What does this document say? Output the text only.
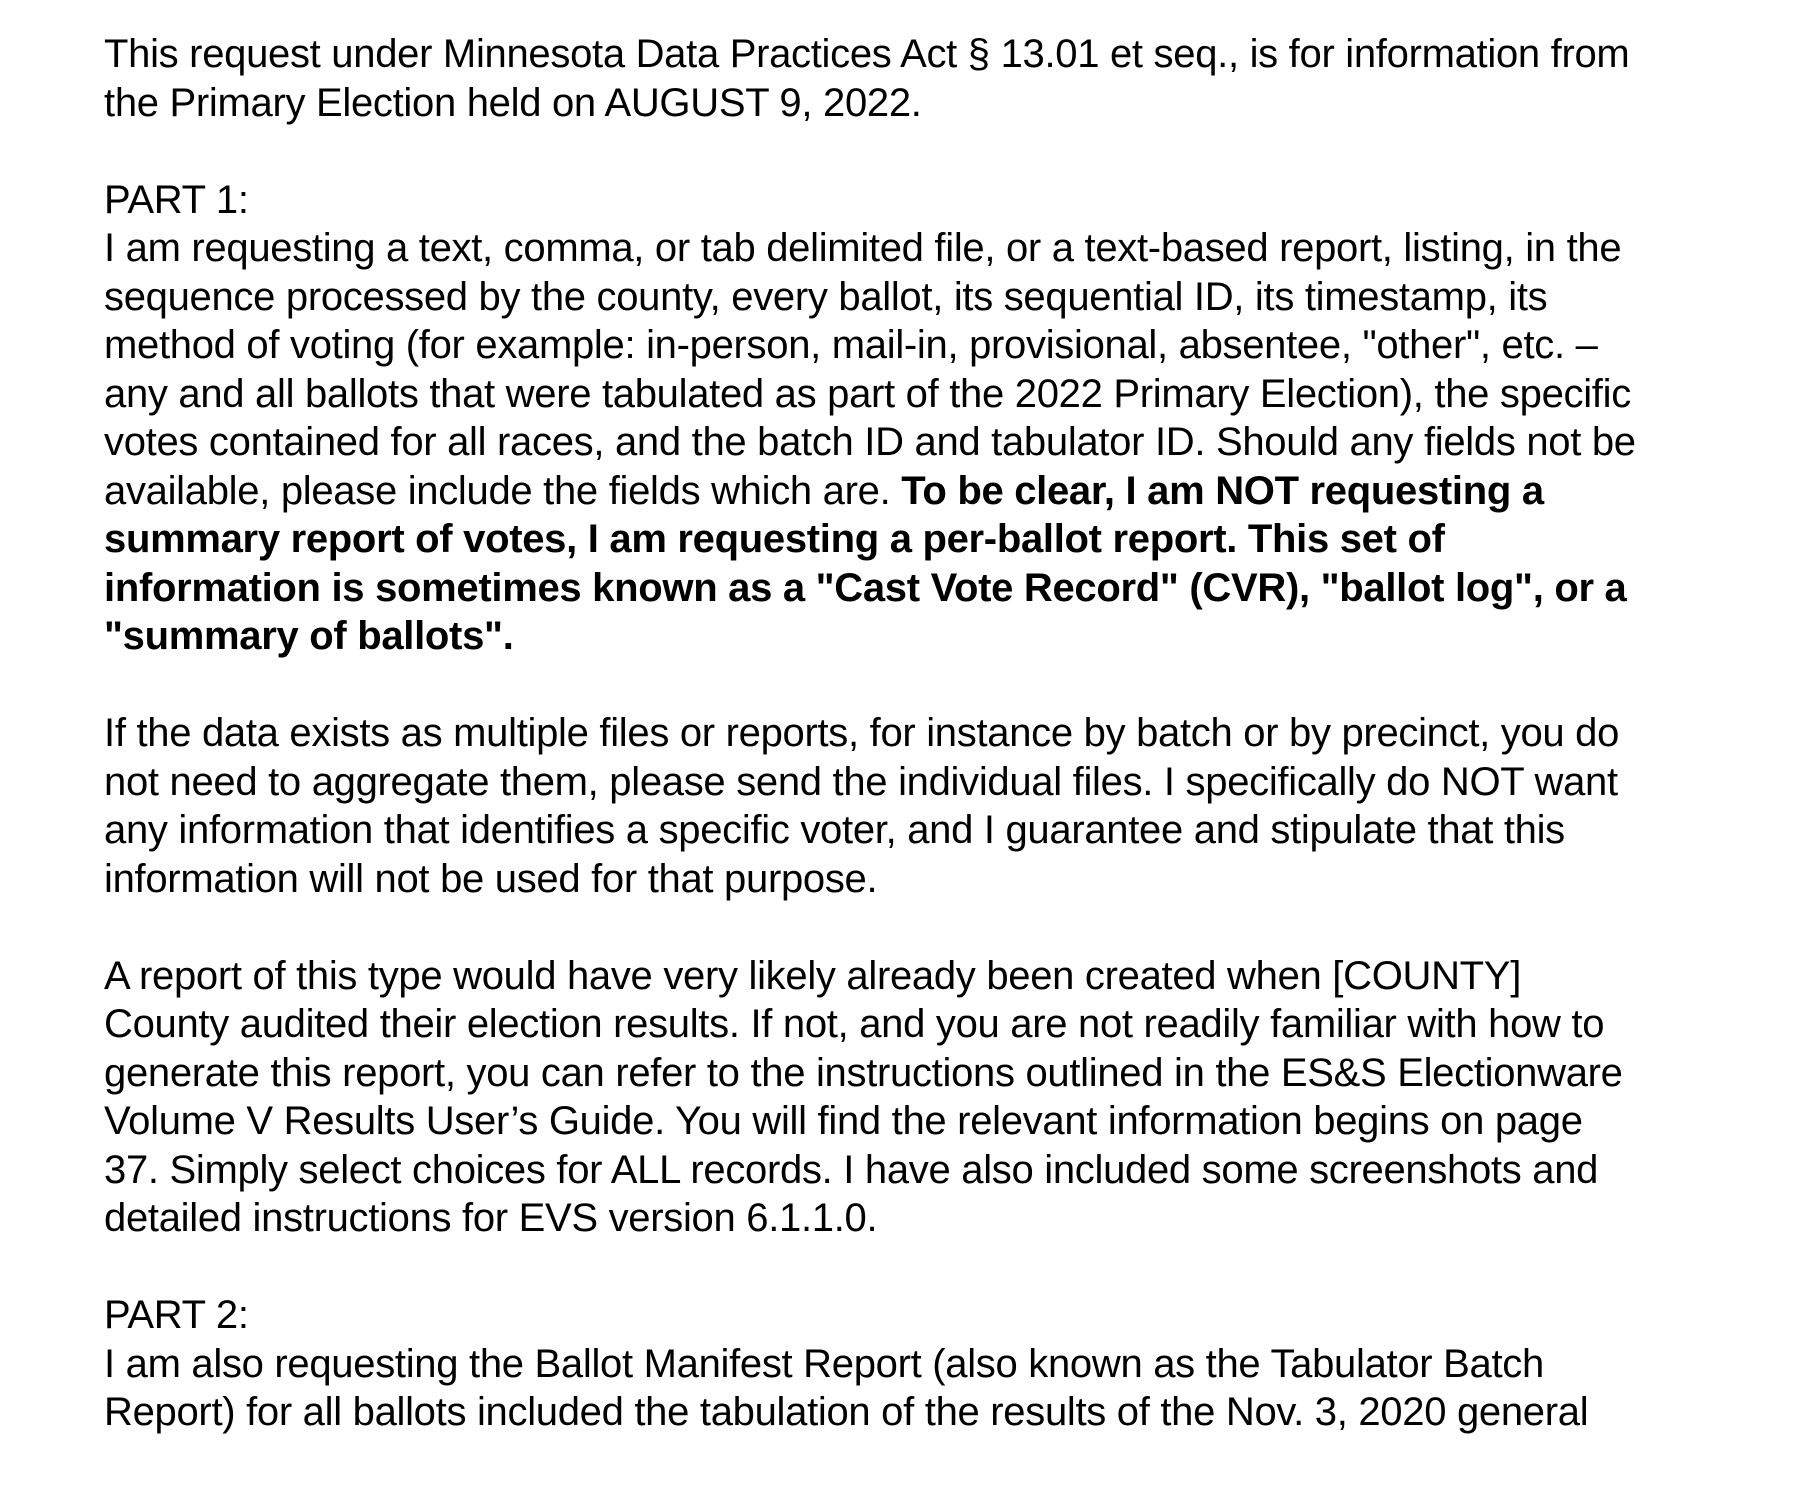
This request under Minnesota Data Practices Act § 13.01 et seq., is for information from
the Primary Election held on AUGUST 9, 2022.
PART 1:
I am requesting a text, comma, or tab delimited file, or a text-based report, listing, in the
sequence processed by the county, every ballot, its sequential ID, its timestamp, its
method of voting (for example: in-person, mail-in, provisional, absentee, "other", etc. –
any and all ballots that were tabulated as part of the 2022 Primary Election), the specific
votes contained for all races, and the batch ID and tabulator ID. Should any fields not be
available, please include the fields which are. To be clear, I am NOT requesting a
summary report of votes, I am requesting a per-ballot report. This set of
information is sometimes known as a "Cast Vote Record" (CVR), "ballot log", or a
"summary of ballots".
If the data exists as multiple files or reports, for instance by batch or by precinct, you do
not need to aggregate them, please send the individual files. I specifically do NOT want
any information that identifies a specific voter, and I guarantee and stipulate that this
information will not be used for that purpose.
A report of this type would have very likely already been created when [COUNTY]
County audited their election results. If not, and you are not readily familiar with how to
generate this report, you can refer to the instructions outlined in the ES&S Electionware
Volume V Results User’s Guide. You will find the relevant information begins on page
37. Simply select choices for ALL records. I have also included some screenshots and
detailed instructions for EVS version 6.1.1.0.
PART 2:
I am also requesting the Ballot Manifest Report (also known as the Tabulator Batch
Report) for all ballots included the tabulation of the results of the Nov. 3, 2020 general
